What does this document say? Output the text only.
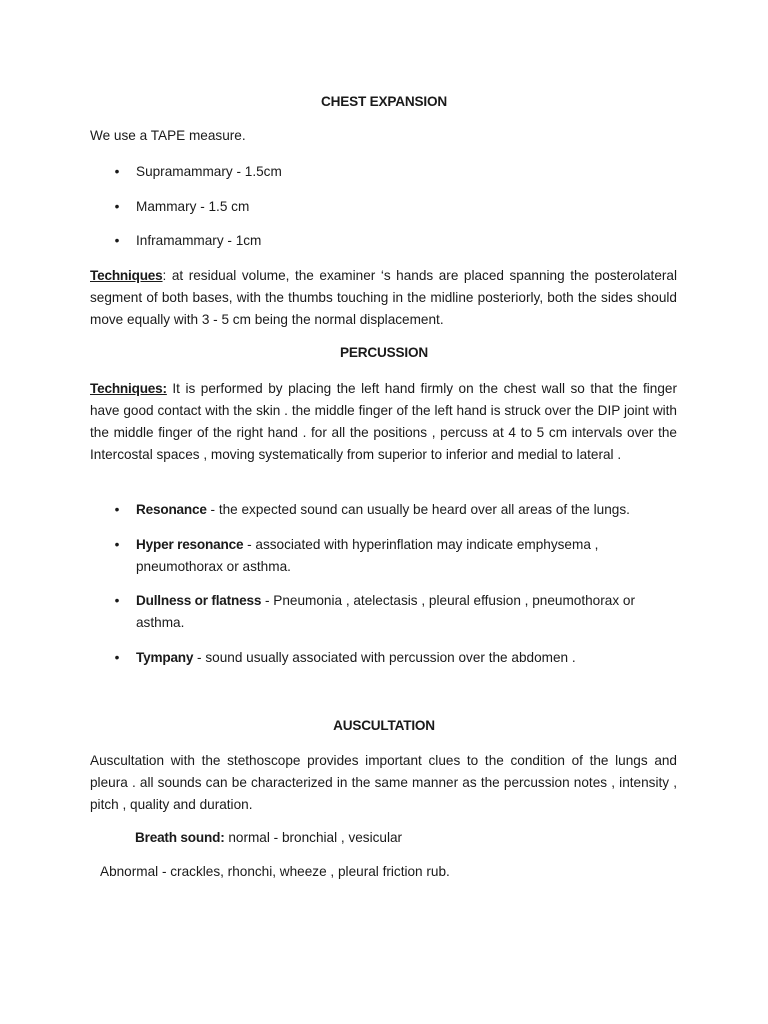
CHEST EXPANSION

We use a TAPE measure.

• Supramammary - 1.5cm
• Mammary - 1.5 cm
• Inframammary - 1cm

Techniques: at residual volume, the examiner ‘s hands are placed spanning the posterolateral segment of both bases, with the thumbs touching in the midline posteriorly, both the sides should move equally with 3 - 5 cm being the normal displacement.

PERCUSSION

Techniques: It is performed by placing the left hand firmly on the chest wall so that the finger have good contact with the skin . the middle finger of the left hand is struck over the DIP joint with the middle finger of the right hand . for all the positions , percuss at 4 to 5 cm intervals over the Intercostal spaces , moving systematically from superior to inferior and medial to lateral .

• Resonance - the expected sound can usually be heard over all areas of the lungs.
• Hyper resonance - associated with hyperinflation may indicate emphysema , pneumothorax or asthma.
• Dullness or flatness - Pneumonia , atelectasis , pleural effusion , pneumothorax or asthma.
• Tympany - sound usually associated with percussion over the abdomen .
AUSCULTATION

Auscultation with the stethoscope provides important clues to the condition of the lungs and pleura . all sounds can be characterized in the same manner as the percussion notes , intensity , pitch , quality and duration.

Breath sound: normal - bronchial , vesicular

Abnormal - crackles, rhonchi, wheeze , pleural friction rub.
